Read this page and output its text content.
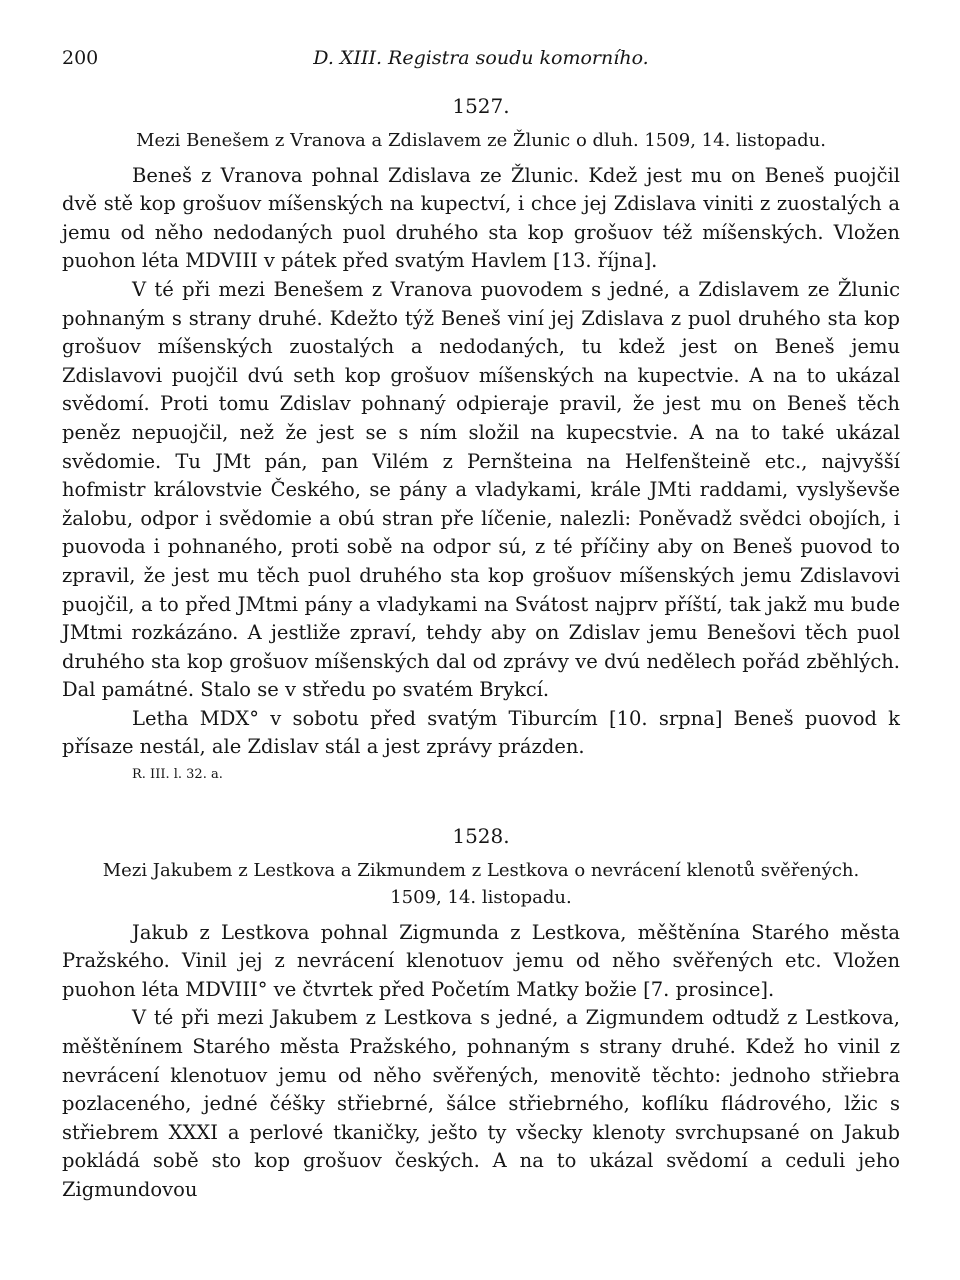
200	D. XIII. Registra soudu komorního.
1527.
Mezi Benešem z Vranova a Zdislavem ze Žlunic o dluh. 1509, 14. listopadu.

Beneš z Vranova pohnal Zdislava ze Žlunic. Kdež jest mu on Beneš puojčil dvě stě kop grošuov míšenských na kupectví, i chce jej Zdislava viniti z zuostalých a jemu od něho nedodaných puol druhého sta kop grošuov též míšenských. Vložen puohon léta MDVIII v pátek před svatým Havlem [13. října].

V té při mezi Benešem z Vranova puovodem s jedné, a Zdislavem ze Žlunic pohnaným s strany druhé. Kdežto týž Beneš viní jej Zdislava z puol druhého sta kop grošuov míšenských zuostalých a nedodaných, tu kdež jest on Beneš jemu Zdislavovi puojčil dvú seth kop grošuov míšenských na kupectvie. A na to ukázal svědomí. Proti tomu Zdislav pohnaný odpieraje pravil, že jest mu on Beneš těch peněz nepuojčil, než že jest se s ním složil na kupecstvie. A na to také ukázal svědomie. Tu JMt pán, pan Vilém z Pernšteina na Helfenšteině etc., najvyšší hofmistr královstvie Českého, se pány a vladykami, krále JMti raddami, vyslyševše žalobu, odpor i svědomie a obú stran pře líčenie, nalezli: Poněvadž svědci obojích, i puovoda i pohnaného, proti sobě na odpor sú, z té příčiny aby on Beneš puovod to zpravil, že jest mu těch puol druhého sta kop grošuov míšenských jemu Zdislavovi puojčil, a to před JMtmi pány a vladykami na Svátost najprv příští, tak jakž mu bude JMtmi rozkázáno. A jestliže zpraví, tehdy aby on Zdislav jemu Benešovi těch puol druhého sta kop grošuov míšenských dal od zprávy ve dvú nedělech pořád zběhlých. Dal památné. Stalo se v středu po svatém Brykcí.

Letha MDX° v sobotu před svatým Tiburcím [10. srpna] Beneš puovod k přísaze nestál, ale Zdislav stál a jest zprávy prázden.

R. III. l. 32. a.
1528.
Mezi Jakubem z Lestkova a Zikmundem z Lestkova o nevrácení klenotů svěřených.
1509, 14. listopadu.

Jakub z Lestkova pohnal Zigmunda z Lestkova, měštěnína Starého města Pražského. Vinil jej z nevrácení klenotuov jemu od něho svěřených etc. Vložen puohon léta MDVIII° ve čtvrtek před Početím Matky božie [7. prosince].

V té při mezi Jakubem z Lestkova s jedné, a Zigmundem odtudž z Lestkova, měštěnínem Starého města Pražského, pohnaným s strany druhé. Kdež ho vinil z nevrácení klenotuov jemu od něho svěřených, menovitě těchto: jednoho střiebra pozlaceného, jedné čéšky střiebrné, šálce střiebrného, koflíku fládrového, lžic s střiebrem XXXI a perlové tkaničky, ješto ty všecky klenoty svrchupsané on Jakub pokládá sobě sto kop grošuov českých. A na to ukázal svědomí a ceduli jeho Zigmundovou
